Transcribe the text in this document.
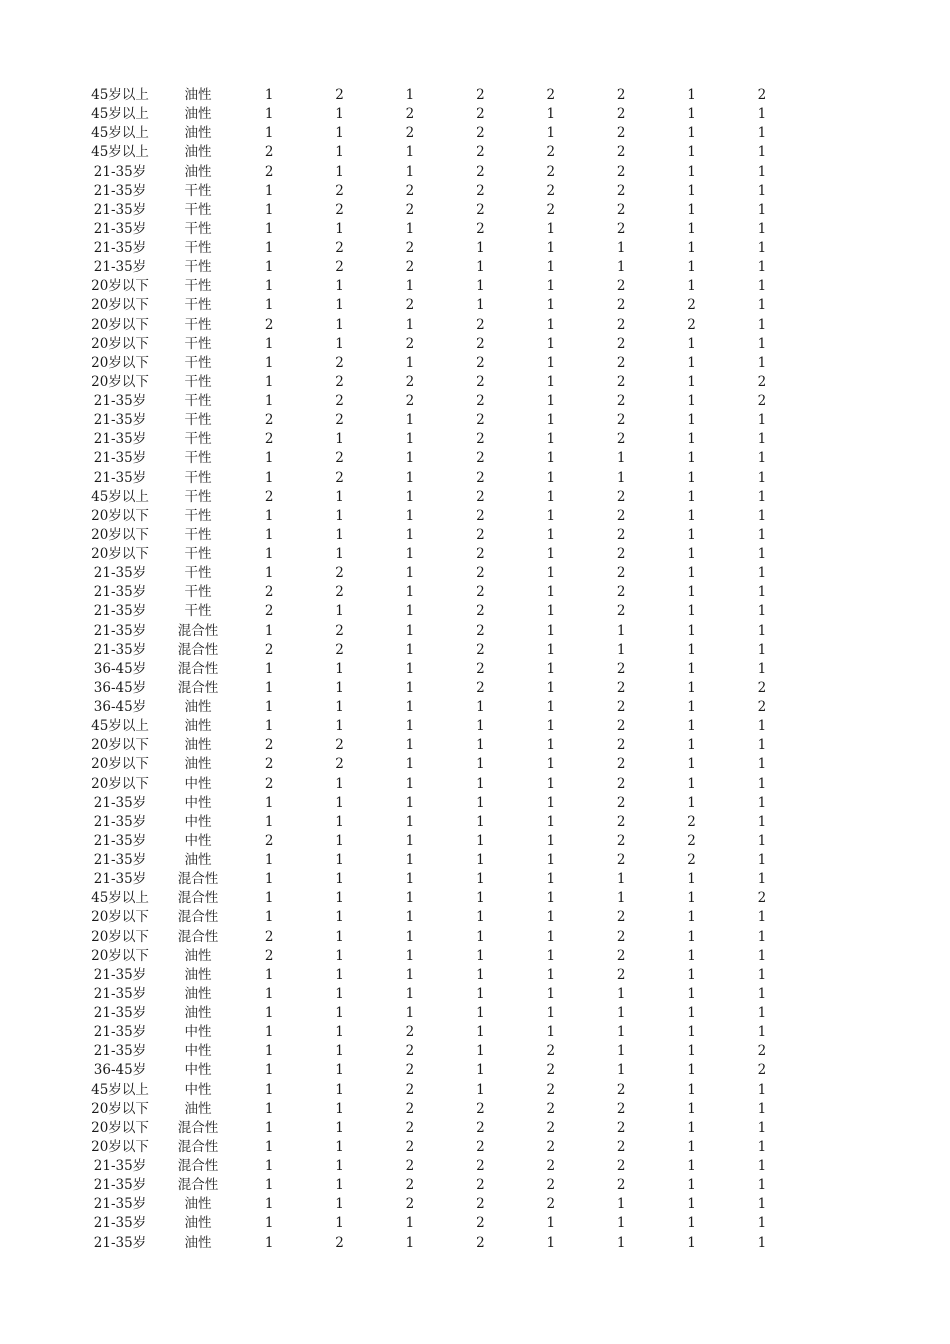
45岁以上	油性	1	2	1	2	2	2	1	2
45岁以上	油性	1	1	2	2	1	2	1	1
45岁以上	油性	1	1	2	2	1	2	1	1
45岁以上	油性	2	1	1	2	2	2	1	1
21-35岁	油性	2	1	1	2	2	2	1	1
21-35岁	干性	1	2	2	2	2	2	1	1
21-35岁	干性	1	2	2	2	2	2	1	1
21-35岁	干性	1	1	1	2	1	2	1	1
21-35岁	干性	1	2	2	1	1	1	1	1
21-35岁	干性	1	2	2	1	1	1	1	1
20岁以下	干性	1	1	1	1	1	2	1	1
20岁以下	干性	1	1	2	1	1	2	2	1
20岁以下	干性	2	1	1	2	1	2	2	1
20岁以下	干性	1	1	2	2	1	2	1	1
20岁以下	干性	1	2	1	2	1	2	1	1
20岁以下	干性	1	2	2	2	1	2	1	2
21-35岁	干性	1	2	2	2	1	2	1	2
21-35岁	干性	2	2	1	2	1	2	1	1
21-35岁	干性	2	1	1	2	1	2	1	1
21-35岁	干性	1	2	1	2	1	1	1	1
21-35岁	干性	1	2	1	2	1	1	1	1
45岁以上	干性	2	1	1	2	1	2	1	1
20岁以下	干性	1	1	1	2	1	2	1	1
20岁以下	干性	1	1	1	2	1	2	1	1
20岁以下	干性	1	1	1	2	1	2	1	1
21-35岁	干性	1	2	1	2	1	2	1	1
21-35岁	干性	2	2	1	2	1	2	1	1
21-35岁	干性	2	1	1	2	1	2	1	1
21-35岁	混合性	1	2	1	2	1	1	1	1
21-35岁	混合性	2	2	1	2	1	1	1	1
36-45岁	混合性	1	1	1	2	1	2	1	1
36-45岁	混合性	1	1	1	2	1	2	1	2
36-45岁	油性	1	1	1	1	1	2	1	2
45岁以上	油性	1	1	1	1	1	2	1	1
20岁以下	油性	2	2	1	1	1	2	1	1
20岁以下	油性	2	2	1	1	1	2	1	1
20岁以下	中性	2	1	1	1	1	2	1	1
21-35岁	中性	1	1	1	1	1	2	1	1
21-35岁	中性	1	1	1	1	1	2	2	1
21-35岁	中性	2	1	1	1	1	2	2	1
21-35岁	油性	1	1	1	1	1	2	2	1
21-35岁	混合性	1	1	1	1	1	1	1	1
45岁以上	混合性	1	1	1	1	1	1	1	2
20岁以下	混合性	1	1	1	1	1	2	1	1
20岁以下	混合性	2	1	1	1	1	2	1	1
20岁以下	油性	2	1	1	1	1	2	1	1
21-35岁	油性	1	1	1	1	1	2	1	1
21-35岁	油性	1	1	1	1	1	1	1	1
21-35岁	油性	1	1	1	1	1	1	1	1
21-35岁	中性	1	1	2	1	1	1	1	1
21-35岁	中性	1	1	2	1	2	1	1	2
36-45岁	中性	1	1	2	1	2	1	1	2
45岁以上	中性	1	1	2	1	2	2	1	1
20岁以下	油性	1	1	2	2	2	2	1	1
20岁以下	混合性	1	1	2	2	2	2	1	1
20岁以下	混合性	1	1	2	2	2	2	1	1
21-35岁	混合性	1	1	2	2	2	2	1	1
21-35岁	混合性	1	1	2	2	2	2	1	1
21-35岁	油性	1	1	2	2	2	1	1	1
21-35岁	油性	1	1	1	2	1	1	1	1
21-35岁	油性	1	2	1	2	1	1	1	1
